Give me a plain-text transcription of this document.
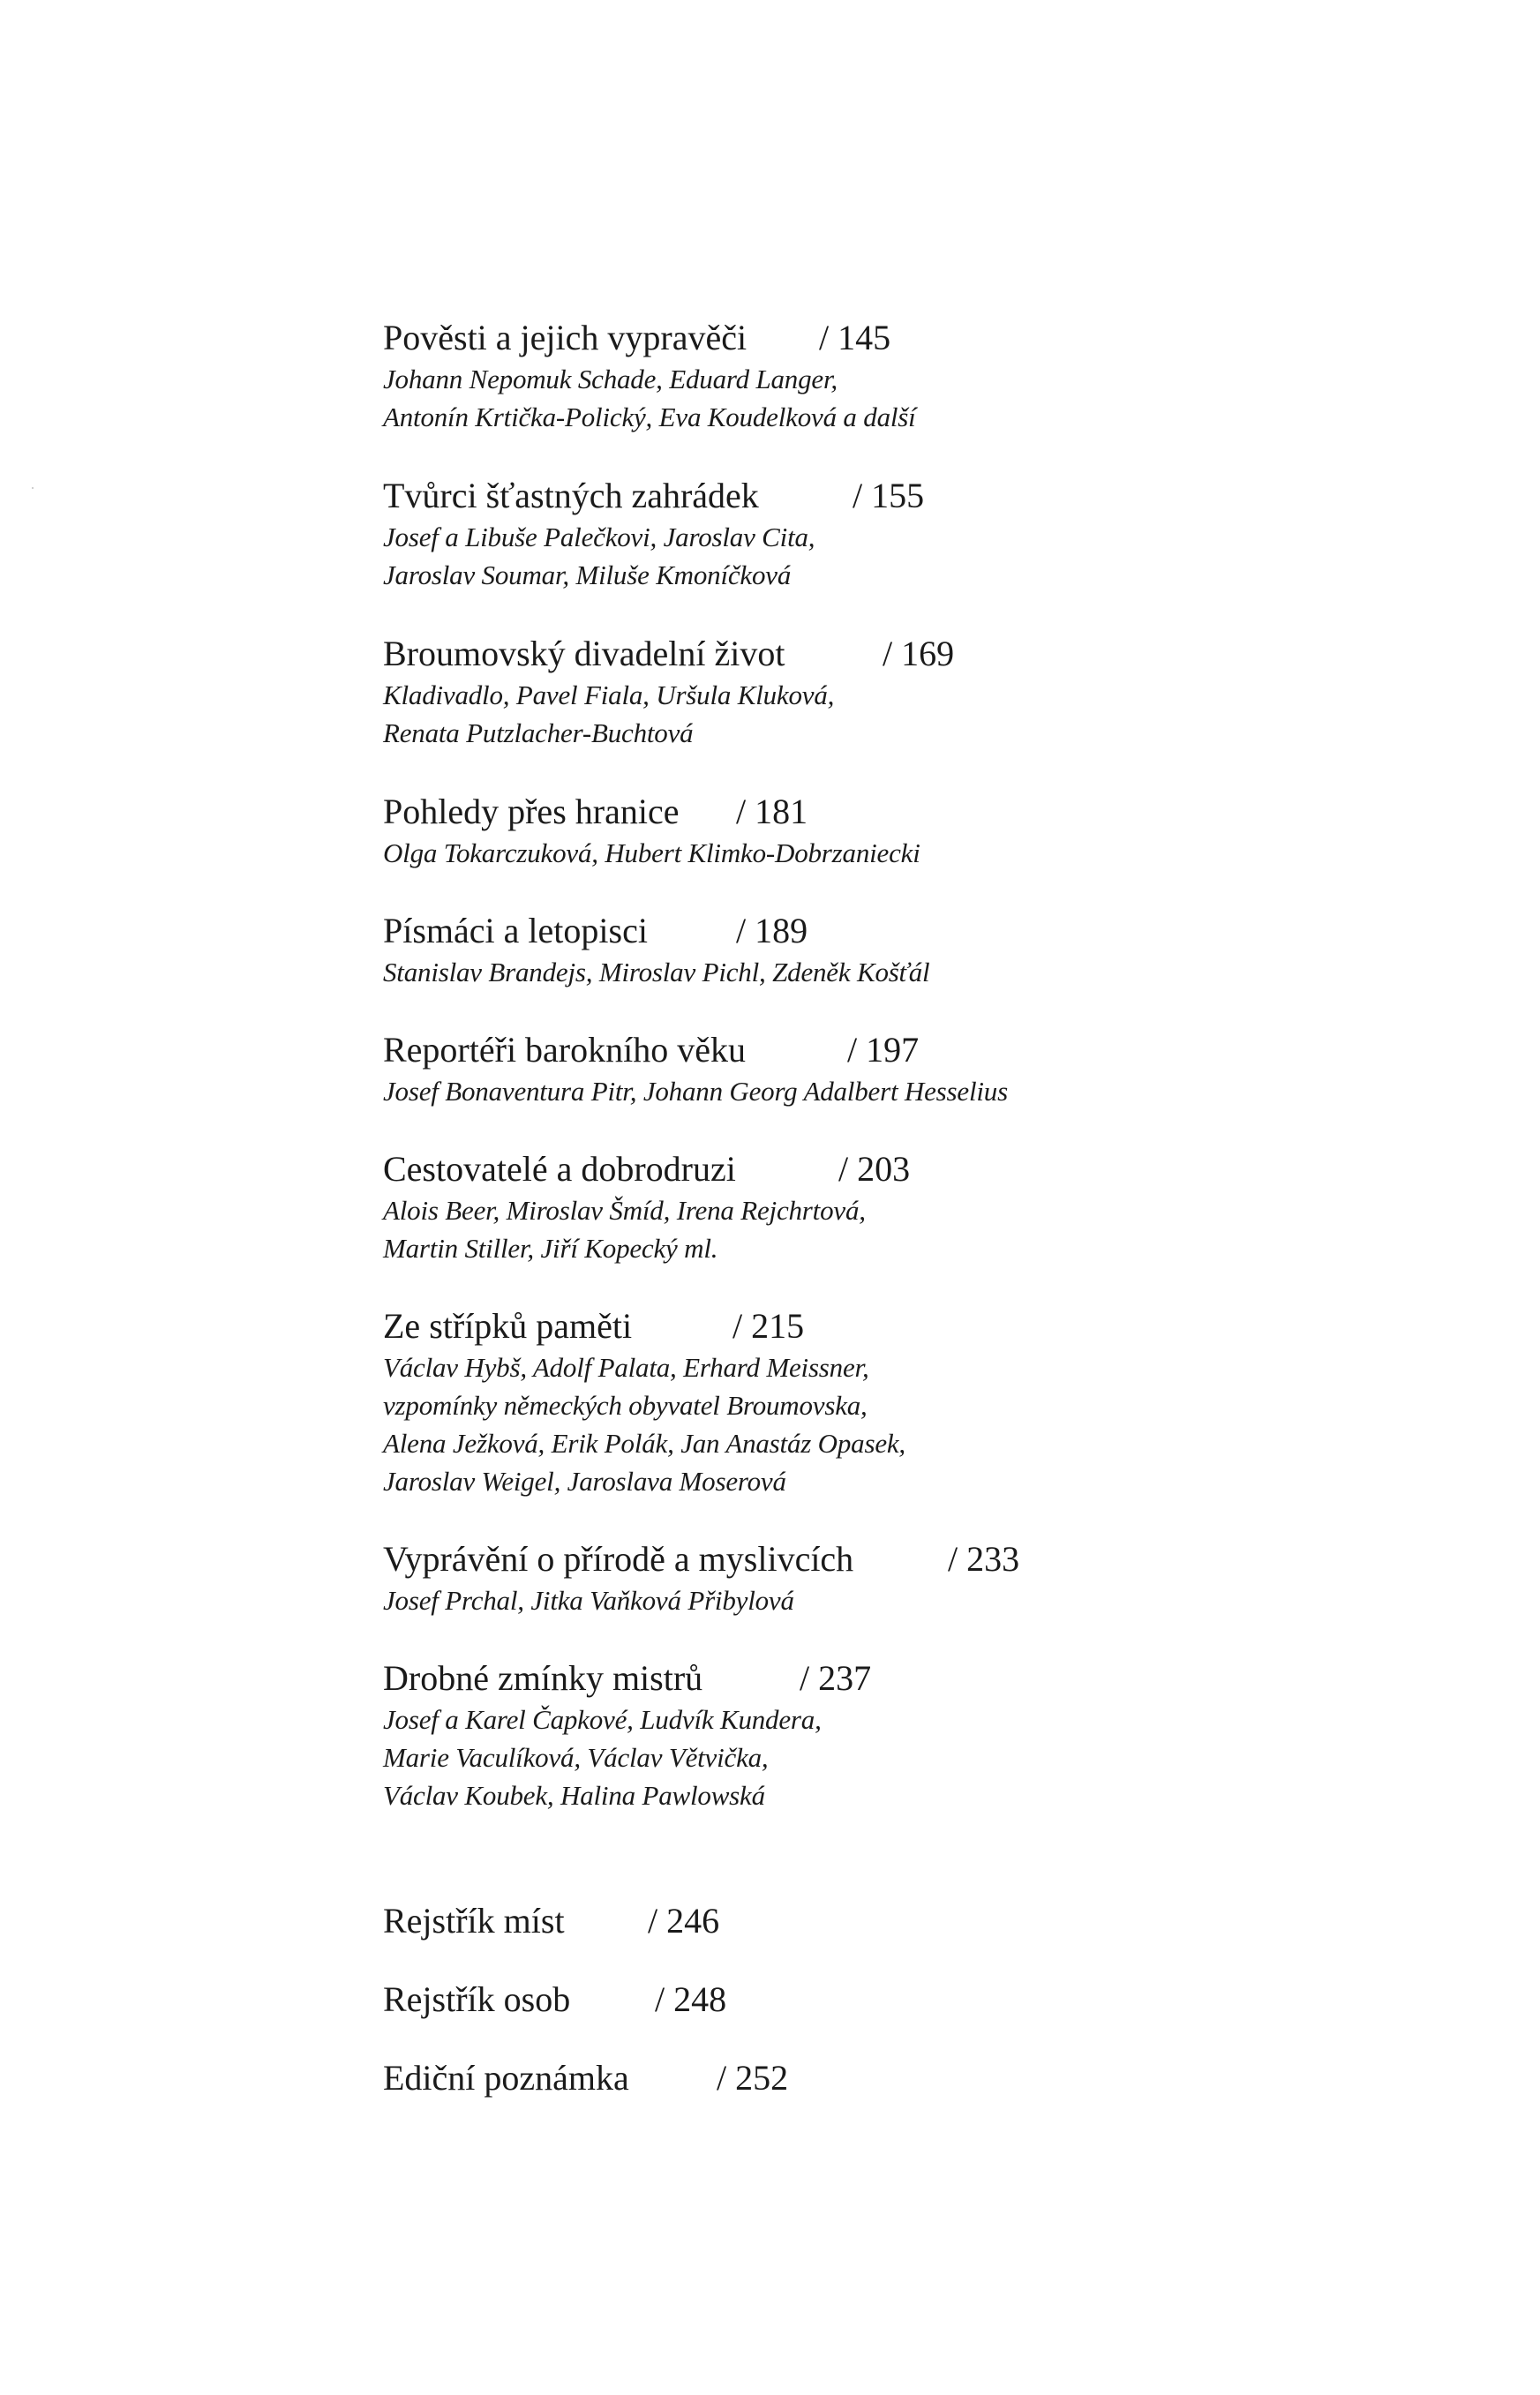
Pověsti a jejich vypravěči / 145
Johann Nepomuk Schade, Eduard Langer,
Antonín Krtička-Polický, Eva Koudelková a další
Tvůrci šťastných zahrádek	/ 155
Josef a Libuše Palečkovi, Jaroslav Cita,
Jaroslav Soumar, Miluše Kmoníčková
Broumovský divadelní život	/ 169
Kladivadlo, Pavel Fiala, Uršula Kluková,
Renata Putzlacher-Buchtová
Pohledy přes hranice / 181
Olga Tokarczuková, Hubert Klimko-Dobrzaniecki
Písmáci a letopisci	/ 189
Stanislav Brandejs, Miroslav Pichl, Zdeněk Košťál
Reportéři barokního věku	/ 197
Josef Bonaventura Pitr, Johann Georg Adalbert Hesselius
Cestovatelé a dobrodruzi	/ 203
Alois Beer, Miroslav Šmíd, Irena Rejchrtová,
Martin Stiller, Jiří Kopecký ml.
Ze střípků paměti	/ 215
Václav Hybš, Adolf Palata, Erhard Meissner,
vzpomínky německých obyvatel Broumovska,
Alena Ježková, Erik Polák, Jan Anastáz Opasek,
Jaroslav Weigel, Jaroslava Moserová
Vyprávění o přírodě a myslivcích	/ 233
Josef Prchal, Jitka Vaňková Přibylová
Drobné zmínky mistrů	/ 237
Josef a Karel Čapkové, Ludvík Kundera,
Marie Vaculíková, Václav Větvička,
Václav Koubek, Halina Pawlowská
Rejstřík míst / 246
Rejstřík osob / 248
Ediční poznámka / 252
